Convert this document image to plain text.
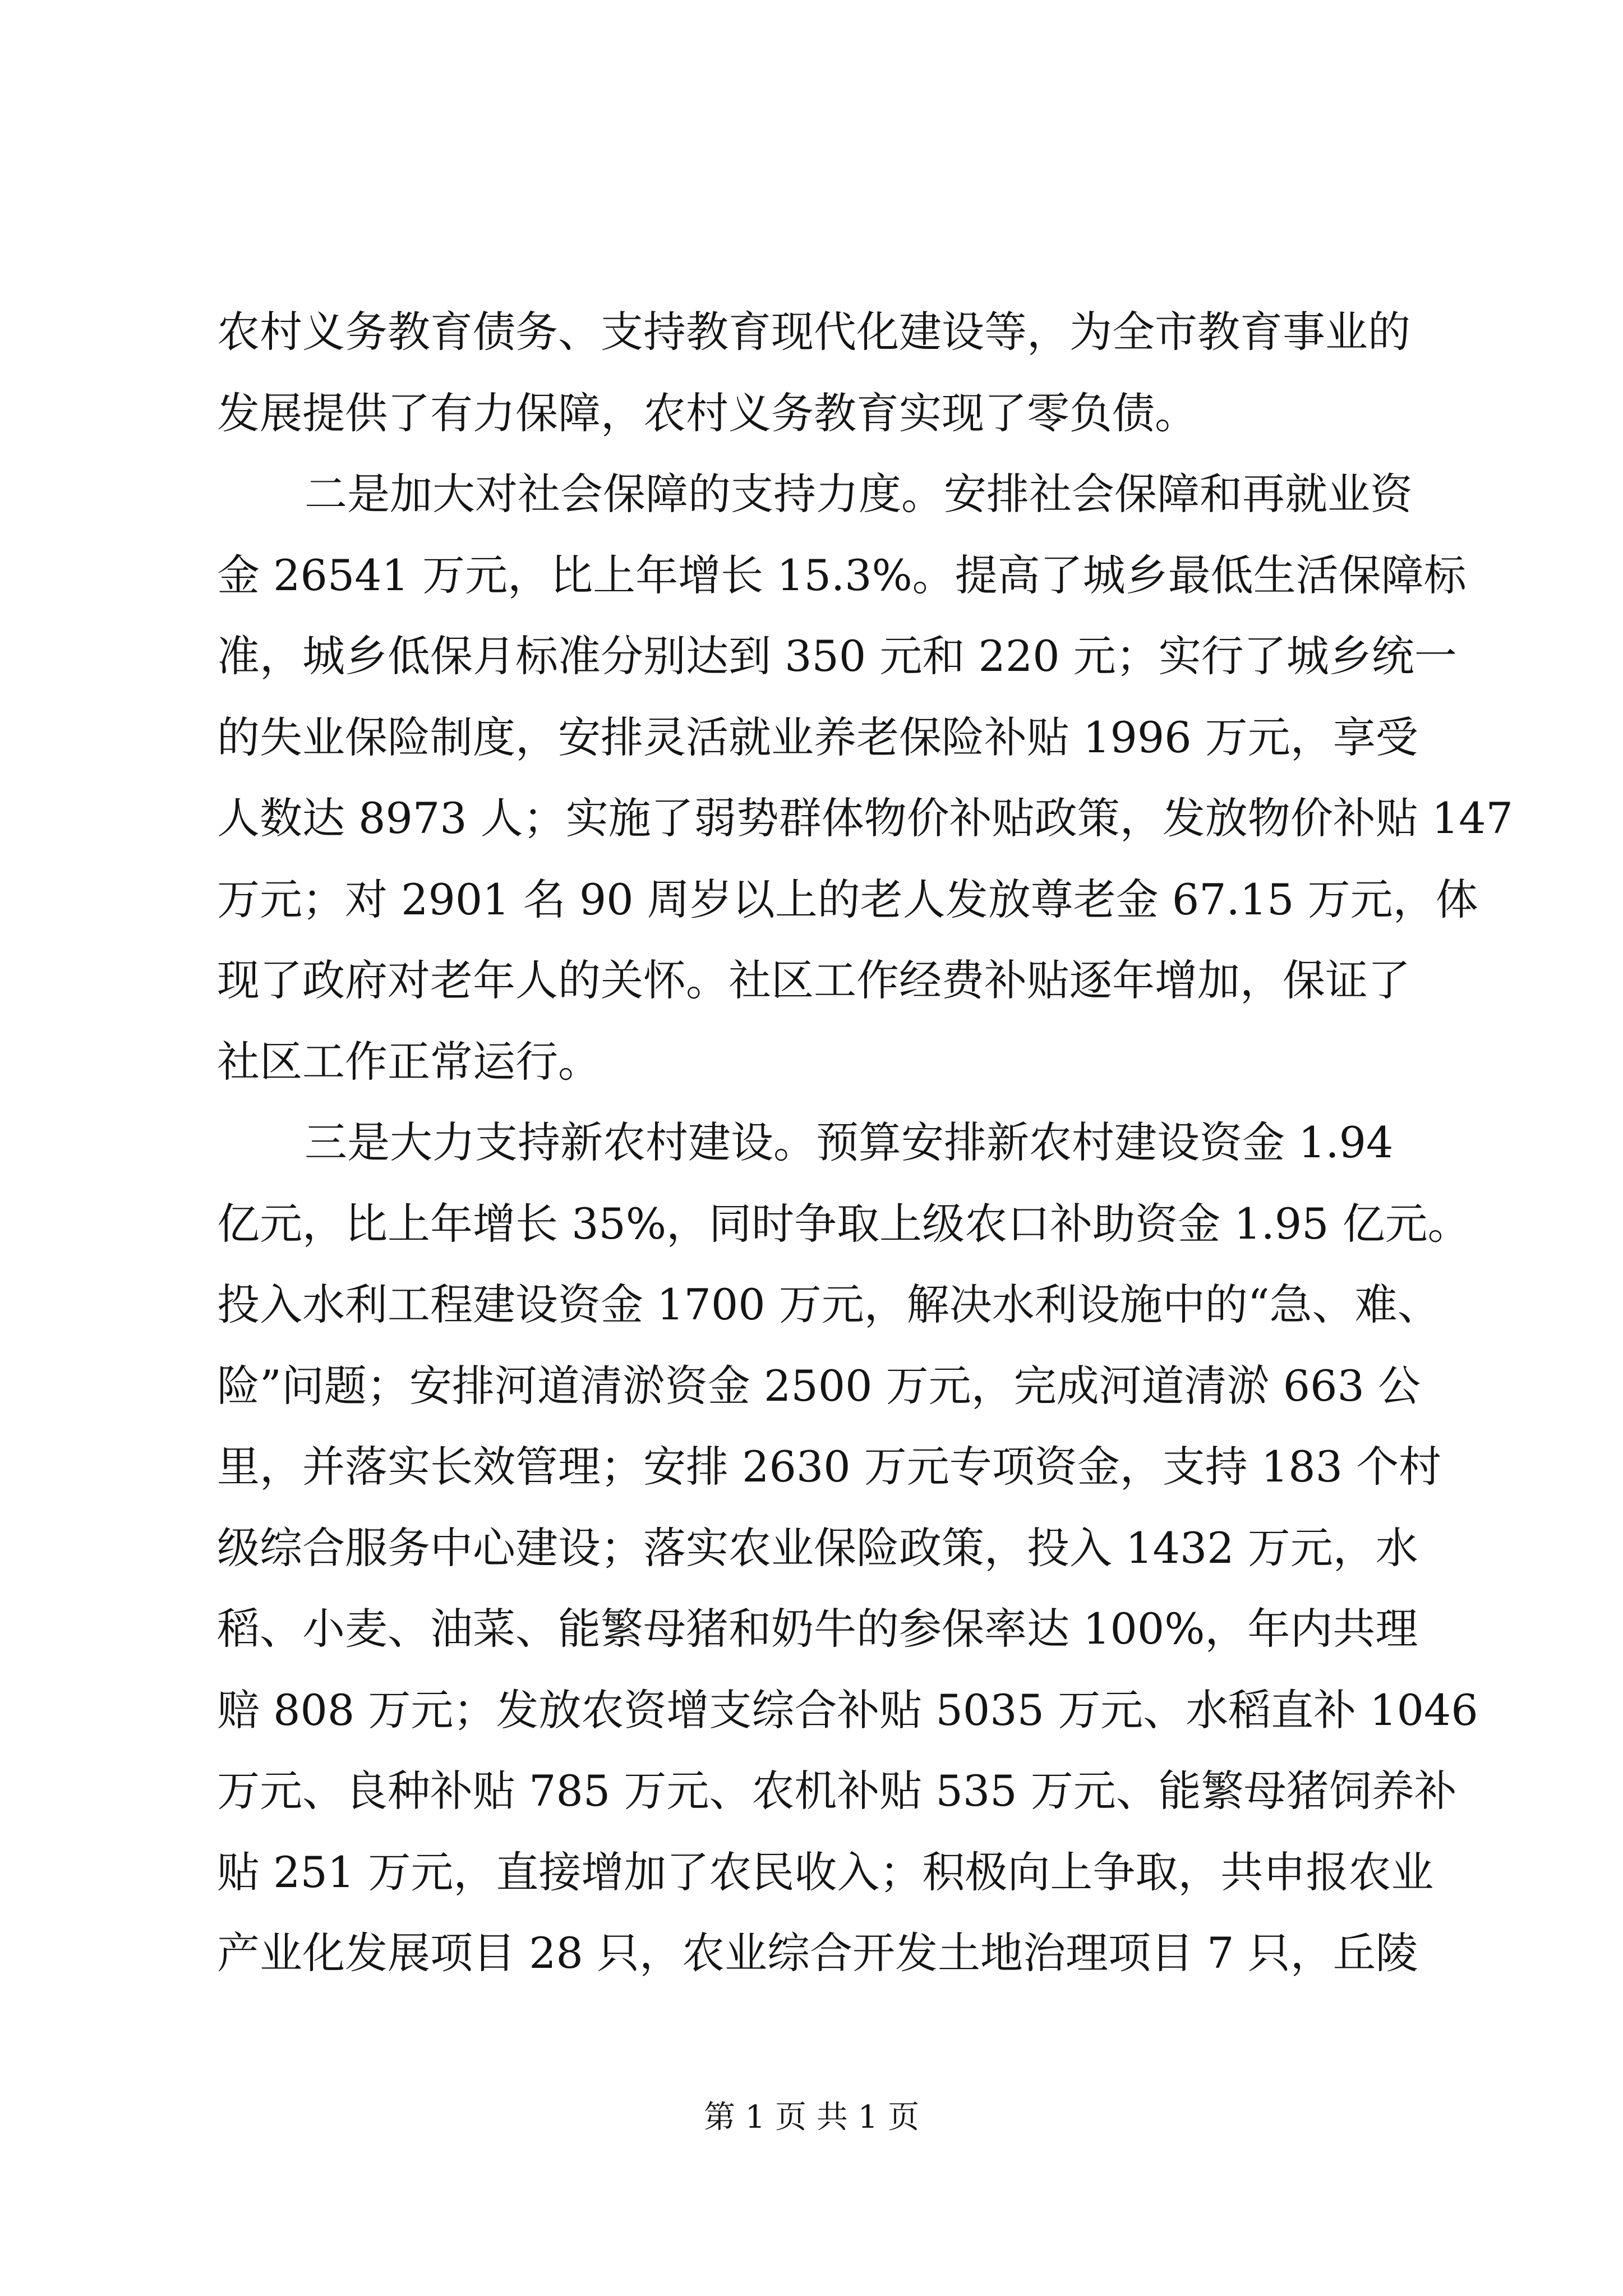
农村义务教育债务、支持教育现代化建设等，为全市教育事业的
发展提供了有力保障，农村义务教育实现了零负债。
二是加大对社会保障的支持力度。安排社会保障和再就业资
金 26541 万元，比上年增长 15.3%。提高了城乡最低生活保障标
准，城乡低保月标准分别达到 350 元和 220 元；实行了城乡统一
的失业保险制度，安排灵活就业养老保险补贴 1996 万元，享受
人数达 8973 人；实施了弱势群体物价补贴政策，发放物价补贴 147
万元；对 2901 名 90 周岁以上的老人发放尊老金 67.15 万元，体
现了政府对老年人的关怀。社区工作经费补贴逐年增加，保证了
社区工作正常运行。
三是大力支持新农村建设。预算安排新农村建设资金 1.94
亿元，比上年增长 35%，同时争取上级农口补助资金 1.95 亿元。
投入水利工程建设资金 1700 万元，解决水利设施中的“急、难、
险”问题；安排河道清淤资金 2500 万元，完成河道清淤 663 公
里，并落实长效管理；安排 2630 万元专项资金，支持 183 个村
级综合服务中心建设；落实农业保险政策，投入 1432 万元，水
稻、小麦、油菜、能繁母猪和奶牛的参保率达 100%，年内共理
赔 808 万元；发放农资增支综合补贴 5035 万元、水稻直补 1046
万元、良种补贴 785 万元、农机补贴 535 万元、能繁母猪饲养补
贴 251 万元，直接增加了农民收入；积极向上争取，共申报农业
产业化发展项目 28 只，农业综合开发土地治理项目 7 只，丘陵
第 1 页 共 1 页
